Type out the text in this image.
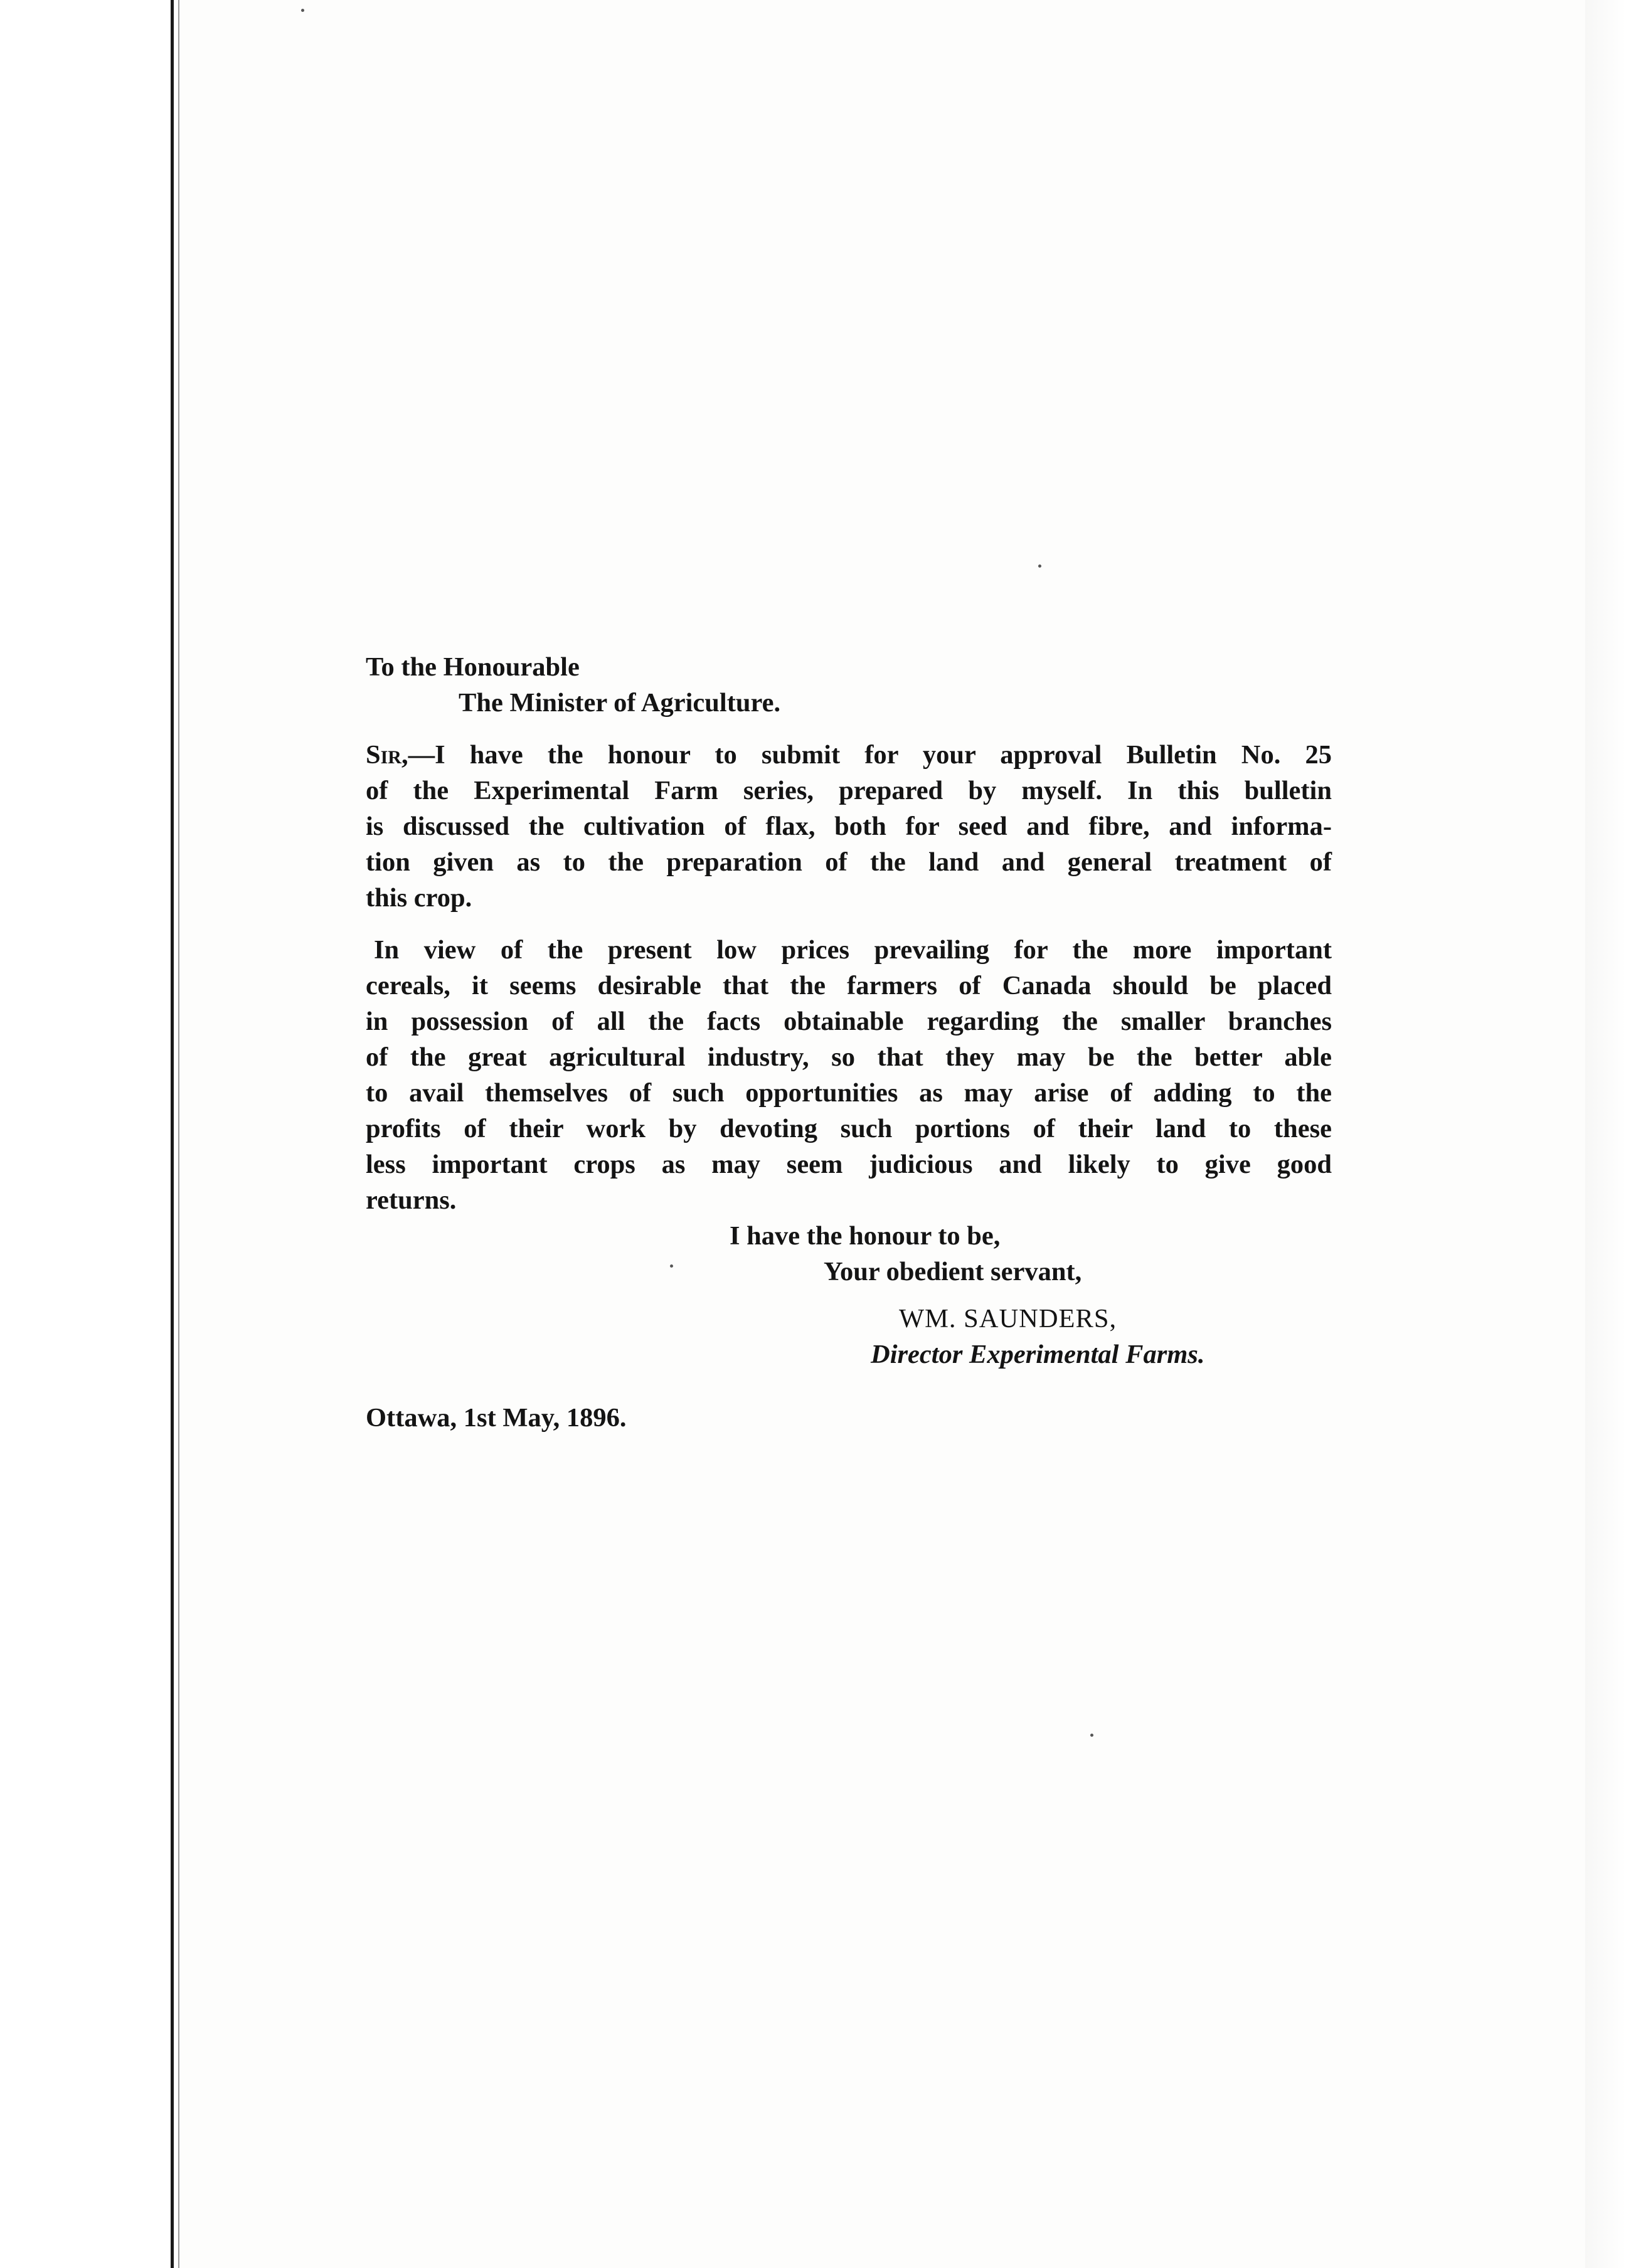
To the Honourable

The Minister of Agriculture.

Sir,—I have the honour to submit for your approval Bulletin No. 25
of the Experimental Farm series, prepared by myself. In this bulletin
is discussed the cultivation of flax, both for seed and fibre, and informa-
tion given as to the preparation of the land and general treatment of
this crop.
In view of the present low prices prevailing for the more important
cereals, it seems desirable that the farmers of Canada should be placed
in possession of all the facts obtainable regarding the smaller branches
of the great agricultural industry, so that they may be the better able
to avail themselves of such opportunities as may arise of adding to the
profits of their work by devoting such portions of their land to these
less important crops as may seem judicious and likely to give good
returns.

I have the honour to be,

Your obedient servant,

WM. SAUNDERS,

Director Experimental Farms.

Ottawa, 1st May, 1896.
